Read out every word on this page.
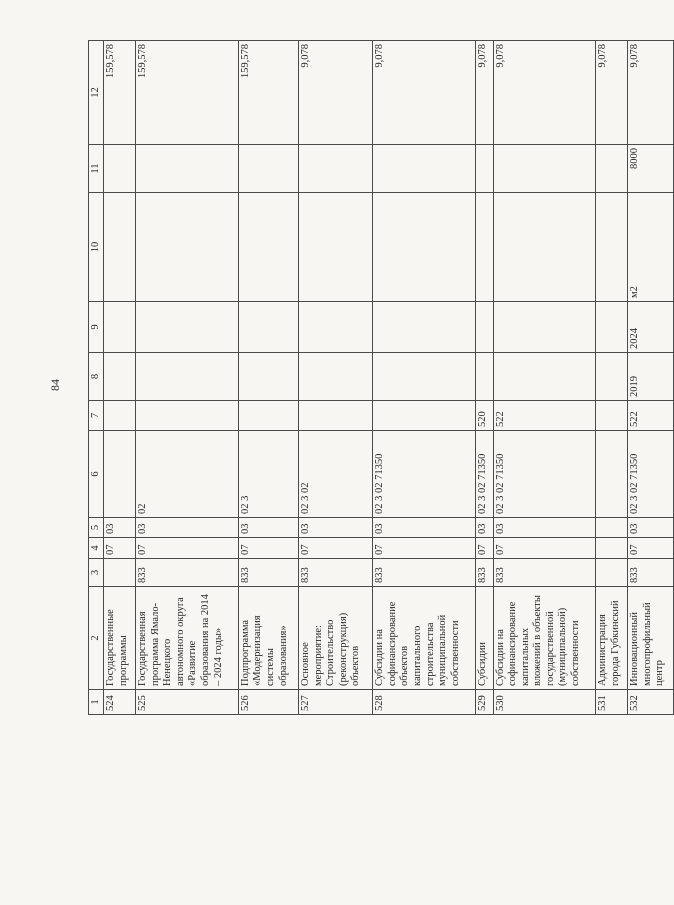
84
1	2	3	4	5	6	7	8	9	10	11	12
524	Государственные программы		07	03							159,578
525	Государственная программа Ямало-Ненецкого автономного округа «Развитие образования на 2014 – 2024 годы»	833	07	03	02						159,578
526	Подпрограмма «Модернизация системы образования»	833	07	03	02 3						159,578
527	Основное мероприятие: Строительство (реконструкция) объектов	833	07	03	02 3 02						9,078
528	Субсидии на софинансирование объектов капитального строительства муниципальной собственности	833	07	03	02 3 02 71350						9,078
529	Субсидии	833	07	03	02 3 02 71350	520					9,078
530	Субсидии на софинансирование капитальных вложений в объекты государственной (муниципальной) собственности	833	07	03	02 3 02 71350	522					9,078
531	Администрация города Губкинский										9,078
532	Инновационный многопрофильный центр	833	07	03	02 3 02 71350	522	2019	2024	м2	8000	9,078
